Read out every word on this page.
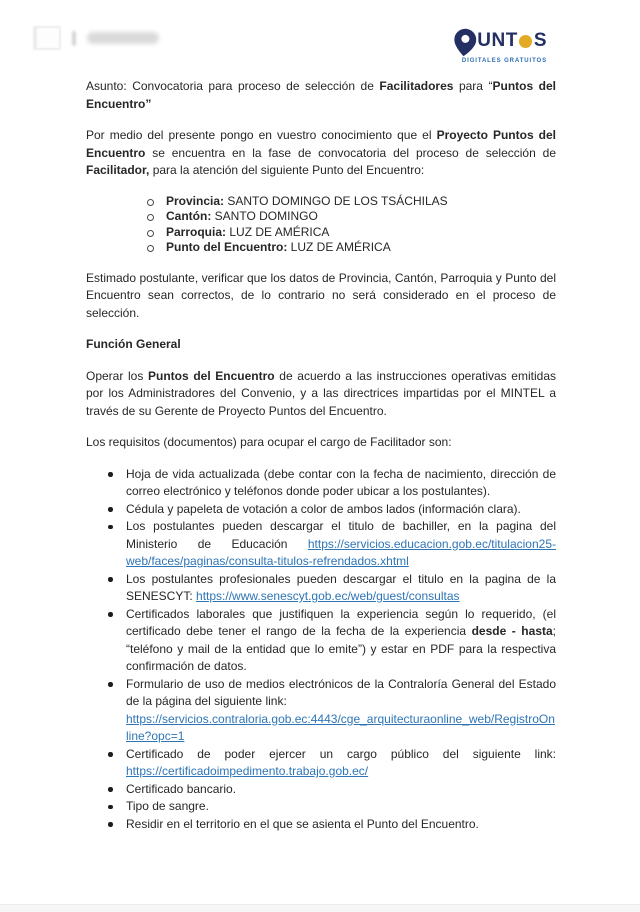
UNT S
DIGITALES GRATUITOS

Asunto: Convocatoria para proceso de selección de Facilitadores para “Puntos del Encuentro”

Por medio del presente pongo en vuestro conocimiento que el Proyecto Puntos del Encuentro se encuentra en la fase de convocatoria del proceso de selección de Facilitador, para la atención del siguiente Punto del Encuentro:

Provincia: SANTO DOMINGO DE LOS TSÁCHILAS
Cantón: SANTO DOMINGO
Parroquia: LUZ DE AMÉRICA
Punto del Encuentro: LUZ DE AMÉRICA

Estimado postulante, verificar que los datos de Provincia, Cantón, Parroquia y Punto del Encuentro sean correctos, de lo contrario no será considerado en el proceso de selección.

Función General

Operar los Puntos del Encuentro de acuerdo a las instrucciones operativas emitidas por los Administradores del Convenio, y a las directrices impartidas por el MINTEL a través de su Gerente de Proyecto Puntos del Encuentro.

Los requisitos (documentos) para ocupar el cargo de Facilitador son:

Hoja de vida actualizada (debe contar con la fecha de nacimiento, dirección de correo electrónico y teléfonos donde poder ubicar a los postulantes).
Cédula y papeleta de votación a color de ambos lados (información clara).
Los postulantes pueden descargar el titulo de bachiller, en la pagina del Ministerio de Educación https://servicios.educacion.gob.ec/titulacion25-web/faces/paginas/consulta-titulos-refrendados.xhtml
Los postulantes profesionales pueden descargar el titulo en la pagina de la SENESCYT: https://www.senescyt.gob.ec/web/guest/consultas
Certificados laborales que justifiquen la experiencia según lo requerido, (el certificado debe tener el rango de la fecha de la experiencia desde - hasta; “teléfono y mail de la entidad que lo emite”) y estar en PDF para la respectiva confirmación de datos.
Formulario de uso de medios electrónicos de la Contraloría General del Estado de la página del siguiente link:
https://servicios.contraloria.gob.ec:4443/cge_arquitecturaonline_web/RegistroOnline?opc=1
Certificado de poder ejercer un cargo público del siguiente link: https://certificadoimpedimento.trabajo.gob.ec/
Certificado bancario.
Tipo de sangre.
Residir en el territorio en el que se asienta el Punto del Encuentro.
